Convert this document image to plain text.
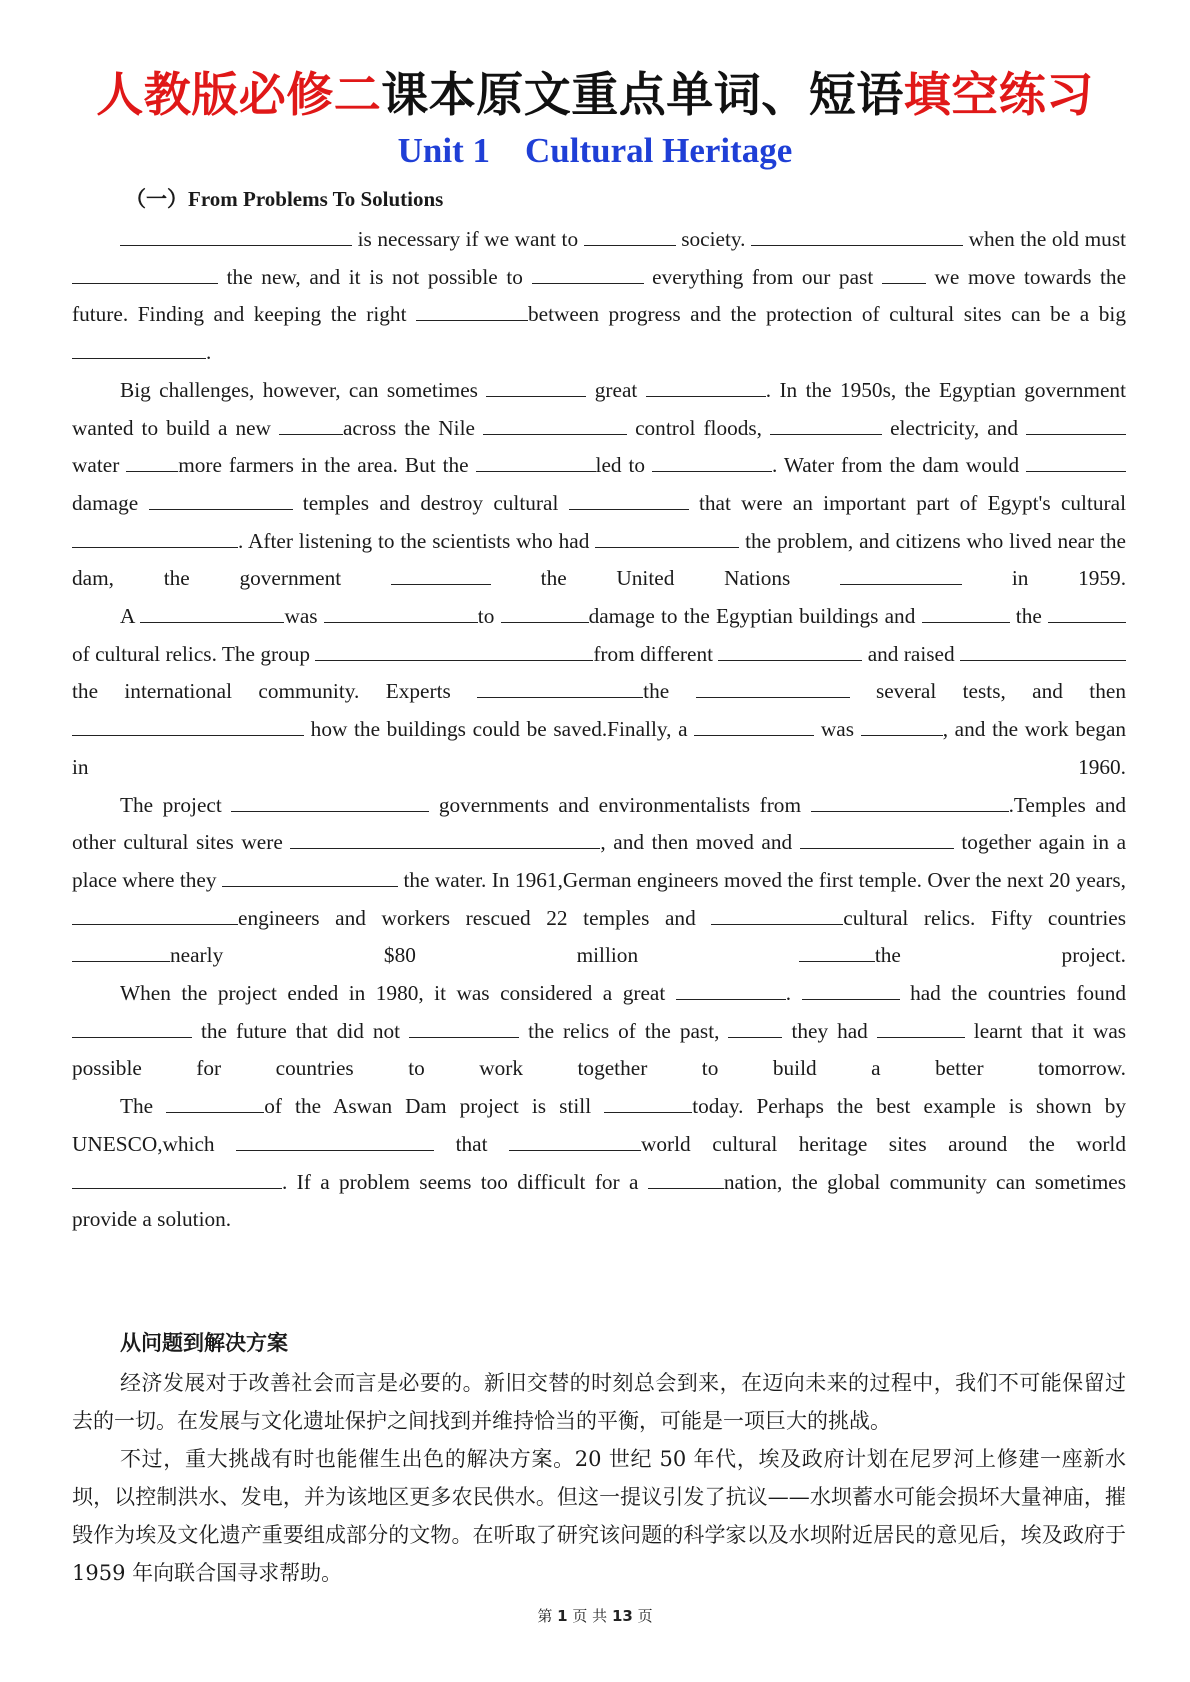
人教版必修二课本原文重点单词、短语填空练习
Unit 1    Cultural Heritage
（一）From Problems To Solutions

is necessary if we want to	society.	when the old must  the new, and it is not possible to	everything from our past	we move towards the future. Finding and keeping the right	between progress and the protection of cultural sites can be a big .

Big challenges, however, can sometimes	great	. In the 1950s, the Egyptian government wanted to build a new	across the Nile	control floods,	electricity, and water	more farmers in the area. But the	led to	. Water from the dam would damage	temples and destroy cultural	that were an important part of Egypt's cultural . After listening to the scientists who had	the problem, and citizens who lived near the dam, the government	the United Nations	in 1959.

A	was	to	damage to the Egyptian buildings and	the of cultural relics. The group	from different	and raised the international community. Experts	the	several tests, and then  how the buildings could be saved.Finally, a	was	, and the work began in 1960.

The project	governments and environmentalists from	.Temples and other cultural sites were	, and then moved and	together again in a place where they	the water. In 1961,German engineers moved the first temple. Over the next 20 years, engineers and workers rescued 22 temples and	cultural relics. Fifty countries nearly $80 million	the project.

When the project ended in 1980, it was considered a great	.	had the countries found  the future that did not	the relics of the past,	they had	learnt that it was possible for countries to work together to build a better tomorrow.

The	of the Aswan Dam project is still	today. Perhaps the best example is shown by UNESCO,which	that	world cultural heritage sites around the world . If a problem seems too difficult for a	nation, the global community can sometimes provide a solution.

从问题到解决方案

经济发展对于改善社会而言是必要的。新旧交替的时刻总会到来，在迈向未来的过程中，我们不可能保留过去的一切。在发展与文化遗址保护之间找到并维持恰当的平衡，可能是一项巨大的挑战。

不过，重大挑战有时也能催生出色的解决方案。20 世纪 50 年代，埃及政府计划在尼罗河上修建一座新水坝，以控制洪水、发电，并为该地区更多农民供水。但这一提议引发了抗议——水坝蓄水可能会损坏大量神庙，摧毁作为埃及文化遗产重要组成部分的文物。在听取了研究该问题的科学家以及水坝附近居民的意见后，埃及政府于 1959 年向联合国寻求帮助。

第 1 页 共 13 页
